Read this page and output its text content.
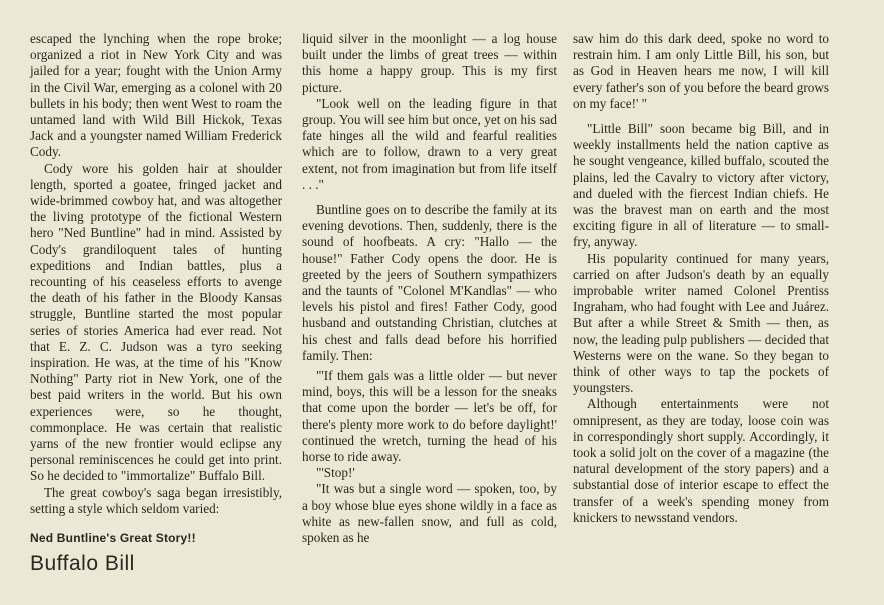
escaped the lynching when the rope broke; organized a riot in New York City and was jailed for a year; fought with the Union Army in the Civil War, emerging as a colonel with 20 bullets in his body; then went West to roam the untamed land with Wild Bill Hickok, Texas Jack and a youngster named William Frederick Cody.

Cody wore his golden hair at shoulder length, sported a goatee, fringed jacket and wide-brimmed cowboy hat, and was altogether the living prototype of the fictional Western hero "Ned Buntline" had in mind. Assisted by Cody's grandiloquent tales of hunting expeditions and Indian battles, plus a recounting of his ceaseless efforts to avenge the death of his father in the Bloody Kansas struggle, Buntline started the most popular series of stories America had ever read. Not that E. Z. C. Judson was a tyro seeking inspiration. He was, at the time of his "Know Nothing" Party riot in New York, one of the best paid writers in the world. But his own experiences were, so he thought, commonplace. He was certain that realistic yarns of the new frontier would eclipse any personal reminiscences he could get into print. So he decided to "immortalize" Buffalo Bill.

The great cowboy's saga began irresistibly, setting a style which seldom varied:

Ned Buntline's Great Story!!
Buffalo Bill

liquid silver in the moonlight — a log house built under the limbs of great trees — within this home a happy group. This is my first picture.

"Look well on the leading figure in that group. You will see him but once, yet on his sad fate hinges all the wild and fearful realities which are to follow, drawn to a very great extent, not from imagination but from life itself . . ."

Buntline goes on to describe the family at its evening devotions. Then, suddenly, there is the sound of hoofbeats. A cry: "Hallo — the house!" Father Cody opens the door. He is greeted by the jeers of Southern sympathizers and the taunts of "Colonel M'Kandlas" — who levels his pistol and fires! Father Cody, good husband and outstanding Christian, clutches at his chest and falls dead before his horrified family. Then:

"'If them gals was a little older — but never mind, boys, this will be a lesson for the sneaks that come upon the border — let's be off, for there's plenty more work to do before daylight!' continued the wretch, turning the head of his horse to ride away.

"'Stop!'

"It was but a single word — spoken, too, by a boy whose blue eyes shone wildly in a face as white as new-fallen snow, and full as cold, spoken as he

saw him do this dark deed, spoke no word to restrain him. I am only Little Bill, his son, but as God in Heaven hears me now, I will kill every father's son of you before the beard grows on my face!' "

"Little Bill" soon became big Bill, and in weekly installments held the nation captive as he sought vengeance, killed buffalo, scouted the plains, led the Cavalry to victory after victory, and dueled with the fiercest Indian chiefs. He was the bravest man on earth and the most exciting figure in all of literature — to small-fry, anyway.

His popularity continued for many years, carried on after Judson's death by an equally improbable writer named Colonel Prentiss Ingraham, who had fought with Lee and Juárez. But after a while Street & Smith — then, as now, the leading pulp publishers — decided that Westerns were on the wane. So they began to think of other ways to tap the pockets of youngsters.

Although entertainments were not omnipresent, as they are today, loose coin was in correspondingly short supply. Accordingly, it took a solid jolt on the cover of a magazine (the natural development of the story papers) and a substantial dose of interior escape to effect the transfer of a week's spending money from knickers to newsstand vendors.
